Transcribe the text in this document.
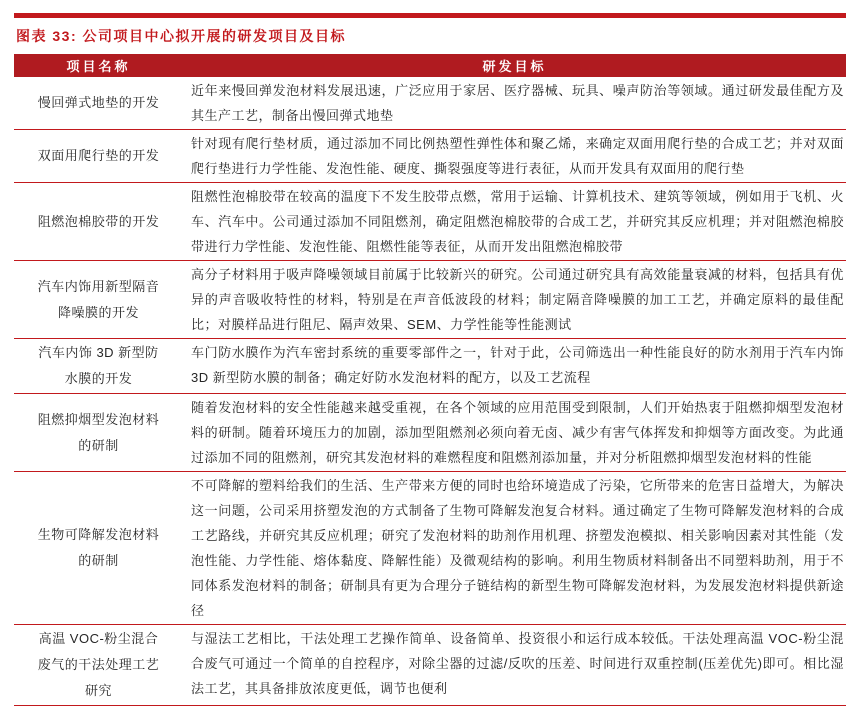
图表 33: 公司项目中心拟开展的研发项目及目标
项目名称	研发目标
慢回弹式地垫的开发
近年来慢回弹发泡材料发展迅速，广泛应用于家居、医疗器械、玩具、噪声防治等领域。通过研发最佳配方及其生产工艺，制备出慢回弹式地垫
双面用爬行垫的开发
针对现有爬行垫材质，通过添加不同比例热塑性弹性体和聚乙烯，来确定双面用爬行垫的合成工艺；并对双面爬行垫进行力学性能、发泡性能、硬度、撕裂强度等进行表征，从而开发具有双面用的爬行垫
阻燃泡棉胶带的开发
阻燃性泡棉胶带在较高的温度下不发生胶带点燃，常用于运输、计算机技术、建筑等领域，例如用于飞机、火车、汽车中。公司通过添加不同阻燃剂，确定阻燃泡棉胶带的合成工艺，并研究其反应机理；并对阻燃泡棉胶带进行力学性能、发泡性能、阻燃性能等表征，从而开发出阻燃泡棉胶带
汽车内饰用新型隔音降噪膜的开发
高分子材料用于吸声降噪领域目前属于比较新兴的研究。公司通过研究具有高效能量衰减的材料，包括具有优异的声音吸收特性的材料，特别是在声音低波段的材料；制定隔音降噪膜的加工工艺，并确定原料的最佳配比；对膜样品进行阻尼、隔声效果、SEM、力学性能等性能测试
汽车内饰 3D 新型防水膜的开发
车门防水膜作为汽车密封系统的重要零部件之一，针对于此，公司筛选出一种性能良好的防水剂用于汽车内饰 3D 新型防水膜的制备；确定好防水发泡材料的配方，以及工艺流程
阻燃抑烟型发泡材料的研制
随着发泡材料的安全性能越来越受重视，在各个领域的应用范围受到限制，人们开始热衷于阻燃抑烟型发泡材料的研制。随着环境压力的加剧，添加型阻燃剂必须向着无卤、减少有害气体挥发和抑烟等方面改变。为此通过添加不同的阻燃剂，研究其发泡材料的难燃程度和阻燃剂添加量，并对分析阻燃抑烟型发泡材料的性能
生物可降解发泡材料的研制
不可降解的塑料给我们的生活、生产带来方便的同时也给环境造成了污染，它所带来的危害日益增大，为解决这一问题，公司采用挤塑发泡的方式制备了生物可降解发泡复合材料。通过确定了生物可降解发泡材料的合成工艺路线，并研究其反应机理；研究了发泡材料的助剂作用机理、挤塑发泡模拟、相关影响因素对其性能（发泡性能、力学性能、熔体黏度、降解性能）及微观结构的影响。利用生物质材料制备出不同塑料助剂，用于不同体系发泡材料的制备；研制具有更为合理分子链结构的新型生物可降解发泡材料，为发展发泡材料提供新途径
高温 VOC-粉尘混合废气的干法处理工艺研究
与湿法工艺相比，干法处理工艺操作简单、设备简单、投资很小和运行成本较低。干法处理高温 VOC-粉尘混合废气可通过一个简单的自控程序，对除尘器的过滤/反吹的压差、时间进行双重控制(压差优先)即可。相比湿法工艺，其具备排放浓度更低，调节也便利
